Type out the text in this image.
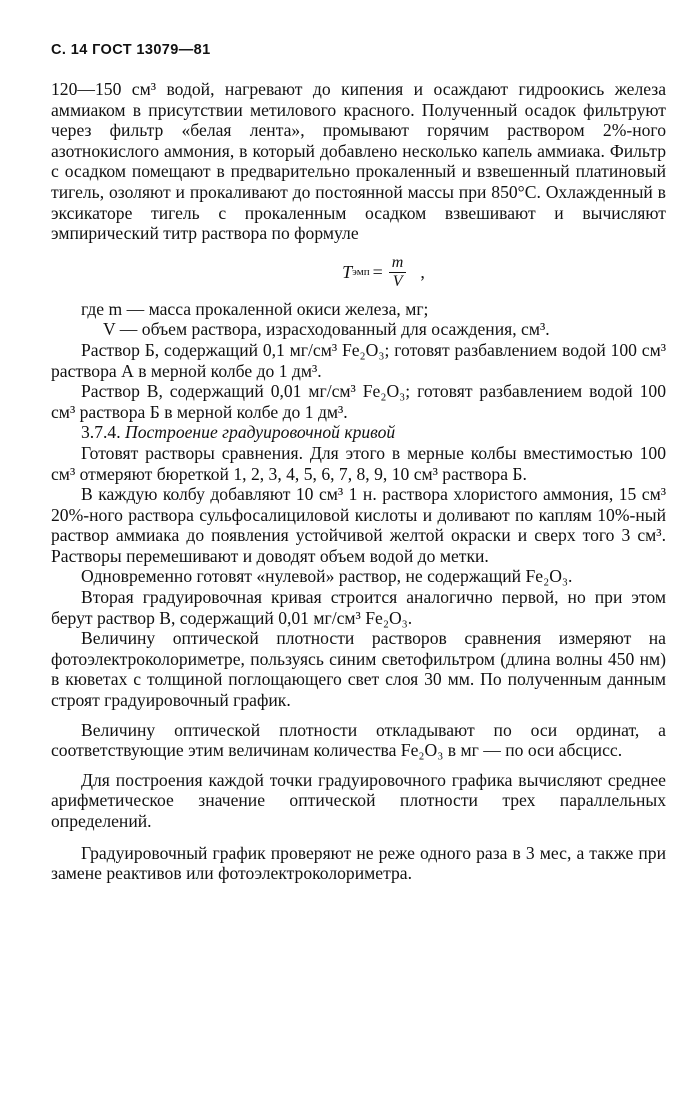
С. 14 ГОСТ 13079—81

120—150 см³ водой, нагревают до кипения и осаждают гидроокись железа аммиаком в присутствии метилового красного. Полученный осадок фильтруют через фильтр «белая лента», промывают горячим раствором 2%-ного азотнокислого аммония, в который добавлено несколько капель аммиака. Фильтр с осадком помещают в предварительно прокаленный и взвешенный платиновый тигель, озоляют и прокаливают до постоянной массы при 850°C. Охлажденный в эксикаторе тигель с прокаленным осадком взвешивают и вычисляют эмпирический титр раствора по формуле

T эмп = $\frac{m}{V}$ ,

где m — масса прокаленной окиси железа, мг;

V — объем раствора, израсходованный для осаждения, см³.

Раствор Б, содержащий 0,1 мг/см³ Fe₂O₃; готовят разбавлением водой 100 см³ раствора А в мерной колбе до 1 дм³.

Раствор В, содержащий 0,01 мг/см³ Fe₂O₃; готовят разбавлением водой 100 см³ раствора Б в мерной колбе до 1 дм³.

3.7.4. Построение градуировочной кривой

Готовят растворы сравнения. Для этого в мерные колбы вместимостью 100 см³ отмеряют бюреткой 1, 2, 3, 4, 5, 6, 7, 8, 9, 10 см³ раствора Б.

В каждую колбу добавляют 10 см³ 1 н. раствора хлористого аммония, 15 см³ 20%-ного раствора сульфосалициловой кислоты и доливают по каплям 10%-ный раствор аммиака до появления устойчивой желтой окраски и сверх того 3 см³. Растворы перемешивают и доводят объем водой до метки.

Одновременно готовят «нулевой» раствор, не содержащий Fe₂O₃.

Вторая градуировочная кривая строится аналогично первой, но при этом берут раствор В, содержащий 0,01 мг/см³ Fe₂O₃.

Величину оптической плотности растворов сравнения измеряют на фотоэлектроколориметре, пользуясь синим светофильтром (длина волны 450 нм) в кюветах с толщиной поглощающего свет слоя 30 мм. По полученным данным строят градуировочный график.

Величину оптической плотности откладывают по оси ординат, а соответствующие этим величинам количества Fe₂O₃ в мг — по оси абсцисс.

Для построения каждой точки градуировочного графика вычисляют среднее арифметическое значение оптической плотности трех параллельных определений.

Градуировочный график проверяют не реже одного раза в 3 мес, а также при замене реактивов или фотоэлектроколориметра.
